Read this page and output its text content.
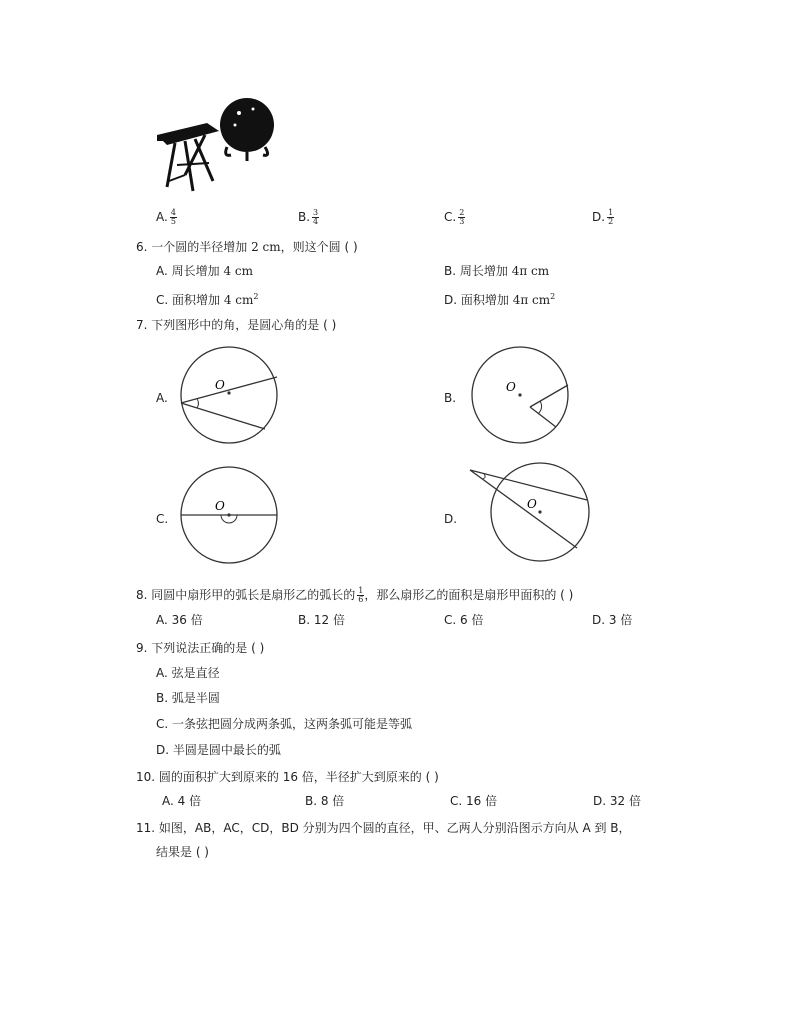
A. $\frac{4}{5}$	B. $\frac{3}{4}$	C. $\frac{2}{3}$	D. $\frac{1}{2}$
6. 一个圆的半径增加 2 cm，则这个圆 ( )
A. 周长增加 4 cm	B. 周长增加 4π cm
C. 面积增加 4 $cm^2$	D. 面积增加 4π $cm^2$
7. 下列图形中的角，是圆心角的是 ( )
A.
O
B.
O
C.
O
D.
O
8. 同圆中扇形甲的弧长是扇形乙的弧长的 $\frac{1}{6}$ ，那么扇形乙的面积是扇形甲面积的 ( )
A. 36 倍	B. 12 倍	C. 6 倍	D. 3 倍
9. 下列说法正确的是 ( )
A. 弦是直径
B. 弧是半圆
C. 一条弦把圆分成两条弧，这两条弧可能是等弧
D. 半圆是圆中最长的弧
10. 圆的面积扩大到原来的 16 倍，半径扩大到原来的 ( )
A. 4 倍	B. 8 倍	C. 16 倍	D. 32 倍
11. 如图，AB，AC，CD，BD 分别为四个圆的直径，甲、乙两人分别沿图示方向从 A 到 B，
结果是 ( )
